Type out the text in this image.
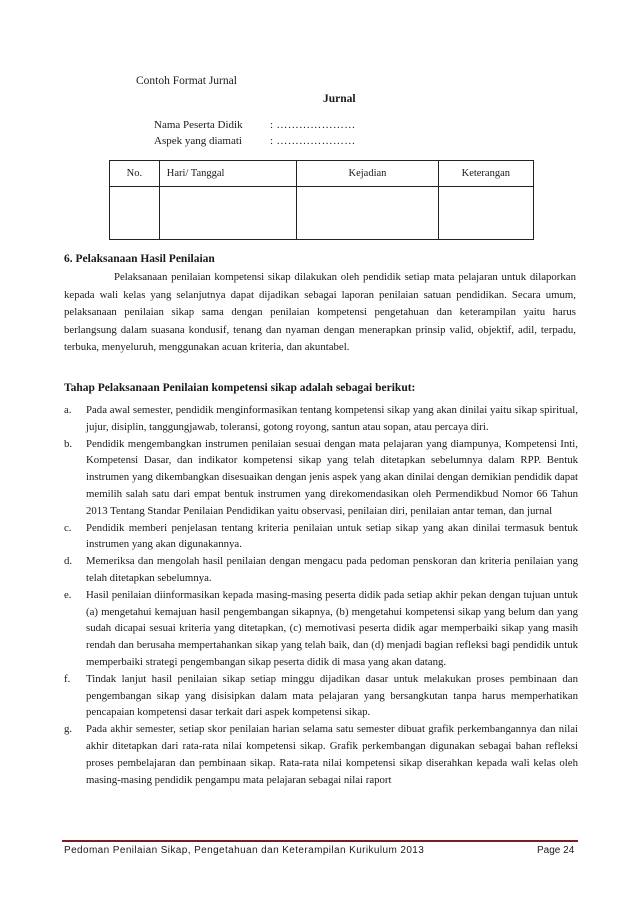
Contoh Format Jurnal
Jurnal
Nama Peserta Didik : …………………
Aspek yang diamati	: …………………
No.	Hari/ Tanggal	Kejadian	Keterangan

6. Pelaksanaan Hasil Penilaian
Pelaksanaan penilaian kompetensi sikap dilakukan oleh pendidik setiap mata pelajaran untuk dilaporkan kepada wali kelas yang selanjutnya dapat dijadikan sebagai laporan penilaian satuan pendidikan. Secara umum, pelaksanaan penilaian sikap sama dengan penilaian kompetensi pengetahuan dan keterampilan yaitu harus berlangsung dalam suasana kondusif, tenang dan nyaman dengan menerapkan prinsip valid, objektif, adil, terpadu, terbuka, menyeluruh, menggunakan acuan kriteria, dan akuntabel.
Tahap Pelaksanaan Penilaian kompetensi sikap adalah sebagai berikut:
a.	Pada awal semester, pendidik menginformasikan tentang kompetensi sikap yang akan dinilai yaitu sikap spiritual, jujur, disiplin, tanggungjawab, toleransi, gotong royong, santun atau sopan, atau percaya diri.
b.	Pendidik mengembangkan instrumen penilaian sesuai dengan mata pelajaran yang diampunya, Kompetensi Inti, Kompetensi Dasar, dan indikator kompetensi sikap yang telah ditetapkan sebelumnya dalam RPP. Bentuk instrumen yang dikembangkan disesuaikan dengan jenis aspek yang akan dinilai dengan demikian pendidik dapat memilih salah satu dari empat bentuk instrumen yang direkomendasikan oleh Permendikbud Nomor 66 Tahun 2013 Tentang Standar Penilaian Pendidikan yaitu observasi, penilaian diri, penilaian antar teman, dan jurnal
c.	Pendidik memberi penjelasan tentang kriteria penilaian untuk setiap sikap yang akan dinilai termasuk bentuk instrumen yang akan digunakannya.
d.	Memeriksa dan mengolah hasil penilaian dengan mengacu pada pedoman penskoran dan kriteria penilaian yang telah ditetapkan sebelumnya.
e.	Hasil penilaian diinformasikan kepada masing-masing peserta didik pada setiap akhir pekan dengan tujuan untuk (a) mengetahui kemajuan hasil pengembangan sikapnya, (b) mengetahui kompetensi sikap yang belum dan yang sudah dicapai sesuai kriteria yang ditetapkan, (c) memotivasi peserta didik agar memperbaiki sikap yang masih rendah dan berusaha mempertahankan sikap yang telah baik, dan (d) menjadi bagian refleksi bagi pendidik untuk memperbaiki strategi pengembangan sikap peserta didik di masa yang akan datang.
f.	Tindak lanjut hasil penilaian sikap setiap minggu dijadikan dasar untuk melakukan proses pembinaan dan pengembangan sikap yang disisipkan dalam mata pelajaran yang bersangkutan tanpa harus memperhatikan pencapaian kompetensi dasar terkait dari aspek kompetensi sikap.
g.	Pada akhir semester, setiap skor penilaian harian selama satu semester dibuat grafik perkembangannya dan nilai akhir ditetapkan dari rata-rata nilai kompetensi sikap. Grafik perkembangan digunakan sebagai bahan refleksi proses pembelajaran dan pembinaan sikap. Rata-rata nilai kompetensi sikap diserahkan kepada wali kelas oleh masing-masing pendidik pengampu mata pelajaran sebagai nilai raport
Pedoman Penilaian Sikap, Pengetahuan dan Keterampilan Kurikulum 2013	Page 24
